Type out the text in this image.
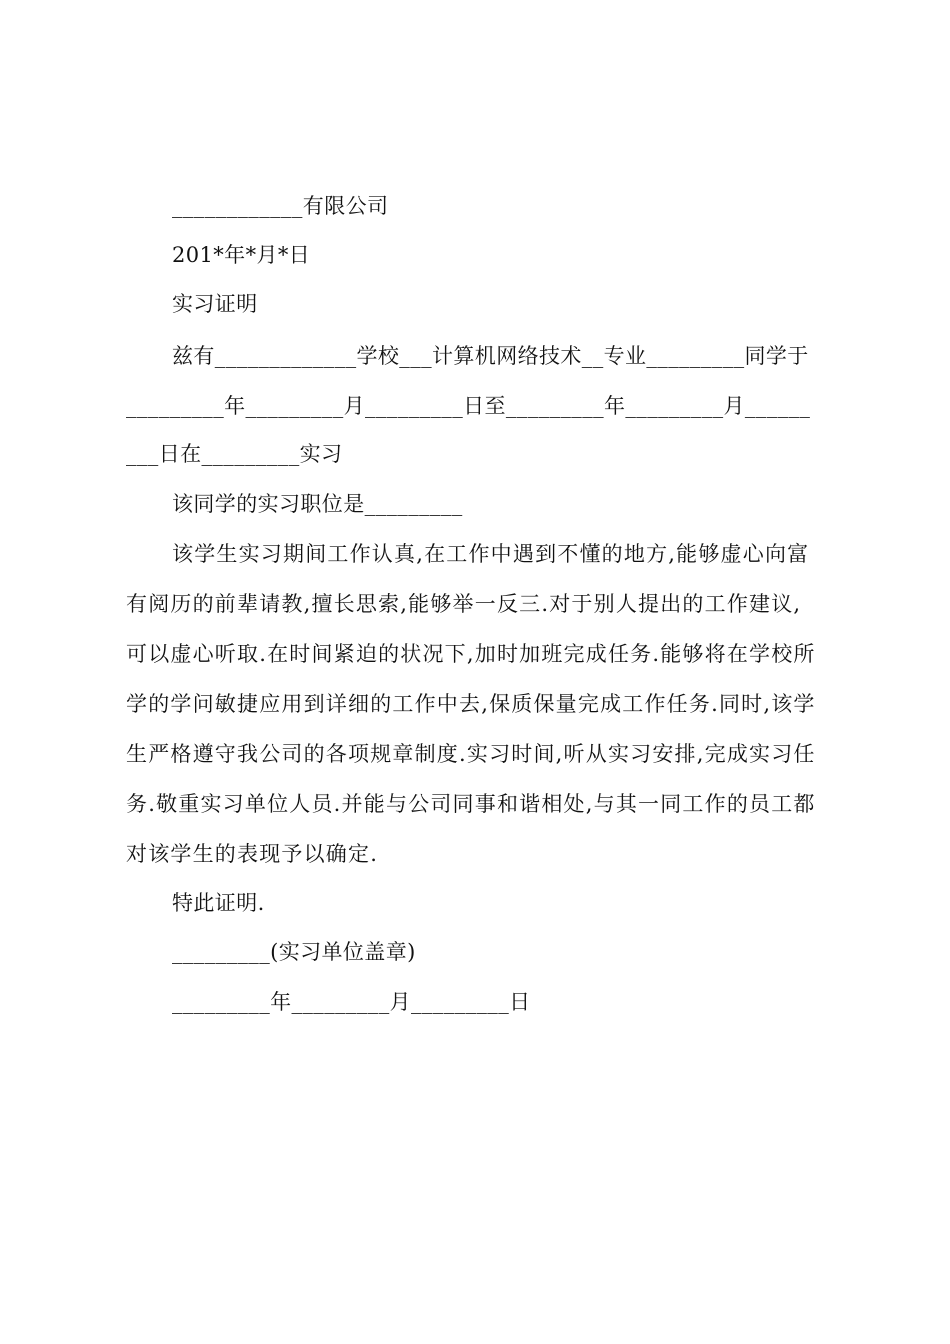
____________有限公司
201*年*月*日
实习证明
兹有_____________学校___计算机网络技术__专业_________同学于
_________年_________月_________日至_________年_________月______
___日在_________实习
该同学的实习职位是_________
该学生实习期间工作认真,在工作中遇到不懂的地方,能够虚心向富
有阅历的前辈请教,擅长思索,能够举一反三.对于别人提出的工作建议,
可以虚心听取.在时间紧迫的状况下,加时加班完成任务.能够将在学校所
学的学问敏捷应用到详细的工作中去,保质保量完成工作任务.同时,该学
生严格遵守我公司的各项规章制度.实习时间,听从实习安排,完成实习任
务.敬重实习单位人员.并能与公司同事和谐相处,与其一同工作的员工都
对该学生的表现予以确定.
特此证明.
_________(实习单位盖章)
_________年_________月_________日
